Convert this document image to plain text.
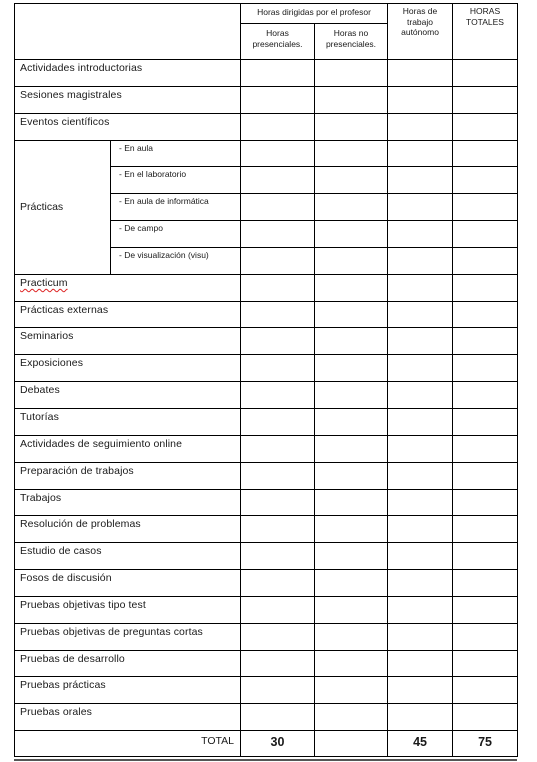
		Horas dirigidas por el profesor		Horas de trabajo autónomo	HORAS TOTALES
		Horas presenciales.	Horas no presenciales.		
Actividades introductorias					
Sesiones magistrales					
Eventos científicos					
Prácticas	- En aula				
	- En el laboratorio				
	- En aula de informática				
	- De campo				
	- De visualización (visu)				
Practicum					
Prácticas externas					
Seminarios					
Exposiciones					
Debates					
Tutorías					
Actividades de seguimiento online					
Preparación de trabajos					
Trabajos					
Resolución de problemas					
Estudio de casos					
Fosos de discusión					
Pruebas objetivas tipo test					
Pruebas objetivas de preguntas cortas					
Pruebas de desarrollo					
Pruebas prácticas					
Pruebas orales					
TOTAL		30		45	75
